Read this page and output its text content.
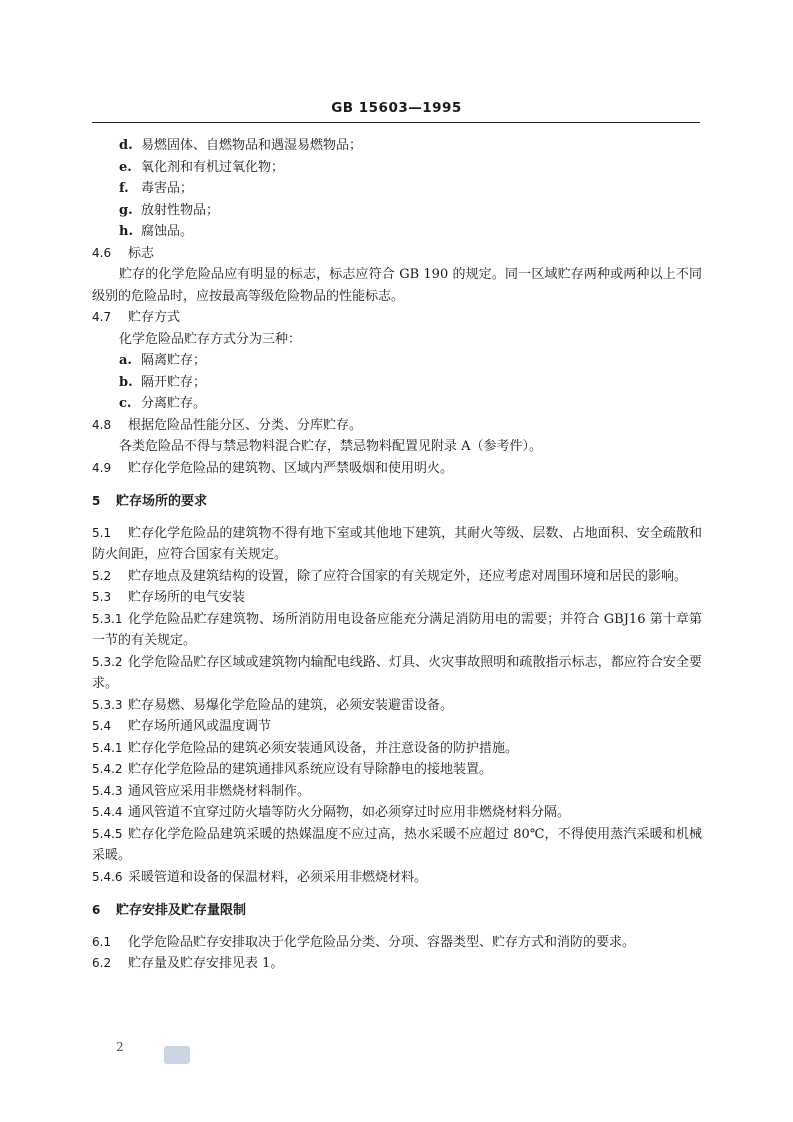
GB 15603—1995

d. 易燃固体、自燃物品和遇湿易燃物品；

e. 氧化剂和有机过氧化物；

f. 毒害品；

g. 放射性物品；

h. 腐蚀品。

4.6 标志

贮存的化学危险品应有明显的标志，标志应符合 GB 190 的规定。同一区域贮存两种或两种以上不同级别的危险品时，应按最高等级危险物品的性能标志。

4.7 贮存方式

化学危险品贮存方式分为三种：

a. 隔离贮存；

b. 隔开贮存；

c. 分离贮存。

4.8 根据危险品性能分区、分类、分库贮存。

各类危险品不得与禁忌物料混合贮存，禁忌物料配置见附录 A（参考件）。

4.9 贮存化学危险品的建筑物、区域内严禁吸烟和使用明火。

5 贮存场所的要求

5.1 贮存化学危险品的建筑物不得有地下室或其他地下建筑，其耐火等级、层数、占地面积、安全疏散和防火间距，应符合国家有关规定。

5.2 贮存地点及建筑结构的设置，除了应符合国家的有关规定外，还应考虑对周围环境和居民的影响。

5.3 贮存场所的电气安装

5.3.1 化学危险品贮存建筑物、场所消防用电设备应能充分满足消防用电的需要；并符合 GBJ16 第十章第一节的有关规定。

5.3.2 化学危险品贮存区域或建筑物内输配电线路、灯具、火灾事故照明和疏散指示标志，都应符合安全要求。

5.3.3 贮存易燃、易爆化学危险品的建筑，必须安装避雷设备。

5.4 贮存场所通风或温度调节

5.4.1 贮存化学危险品的建筑必须安装通风设备，并注意设备的防护措施。

5.4.2 贮存化学危险品的建筑通排风系统应设有导除静电的接地装置。

5.4.3 通风管应采用非燃烧材料制作。

5.4.4 通风管道不宜穿过防火墙等防火分隔物，如必须穿过时应用非燃烧材料分隔。

5.4.5 贮存化学危险品建筑采暖的热媒温度不应过高，热水采暖不应超过 80℃，不得使用蒸汽采暖和机械采暖。

5.4.6 采暖管道和设备的保温材料，必须采用非燃烧材料。

6 贮存安排及贮存量限制

6.1 化学危险品贮存安排取决于化学危险品分类、分项、容器类型、贮存方式和消防的要求。

6.2 贮存量及贮存安排见表 1。

2
